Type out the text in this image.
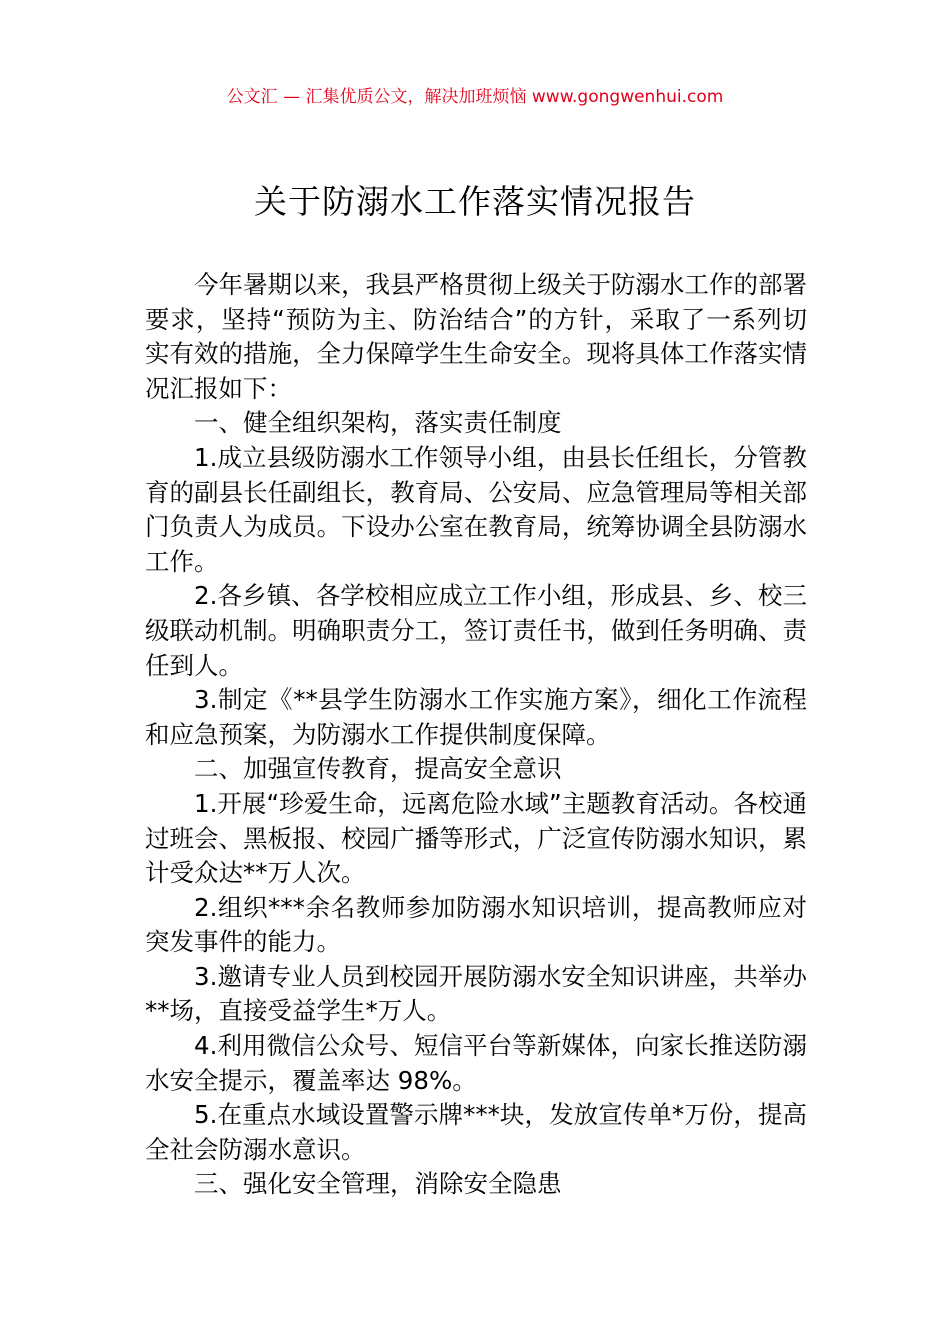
公文汇 — 汇集优质公文，解决加班烦恼 www.gongwenhui.com
关于防溺水工作落实情况报告

今年暑期以来，我县严格贯彻上级关于防溺水工作的部署要求，坚持“预防为主、防治结合”的方针，采取了一系列切实有效的措施，全力保障学生生命安全。现将具体工作落实情况汇报如下：

一、健全组织架构，落实责任制度

1.成立县级防溺水工作领导小组，由县长任组长，分管教育的副县长任副组长，教育局、公安局、应急管理局等相关部门负责人为成员。下设办公室在教育局，统筹协调全县防溺水工作。

2.各乡镇、各学校相应成立工作小组，形成县、乡、校三级联动机制。明确职责分工，签订责任书，做到任务明确、责任到人。

3.制定《**县学生防溺水工作实施方案》，细化工作流程和应急预案，为防溺水工作提供制度保障。

二、加强宣传教育，提高安全意识

1.开展“珍爱生命，远离危险水域”主题教育活动。各校通过班会、黑板报、校园广播等形式，广泛宣传防溺水知识，累计受众达**万人次。

2.组织***余名教师参加防溺水知识培训，提高教师应对突发事件的能力。

3.邀请专业人员到校园开展防溺水安全知识讲座，共举办**场，直接受益学生*万人。

4.利用微信公众号、短信平台等新媒体，向家长推送防溺水安全提示，覆盖率达 98%。

5.在重点水域设置警示牌***块，发放宣传单*万份，提高全社会防溺水意识。

三、强化安全管理，消除安全隐患
